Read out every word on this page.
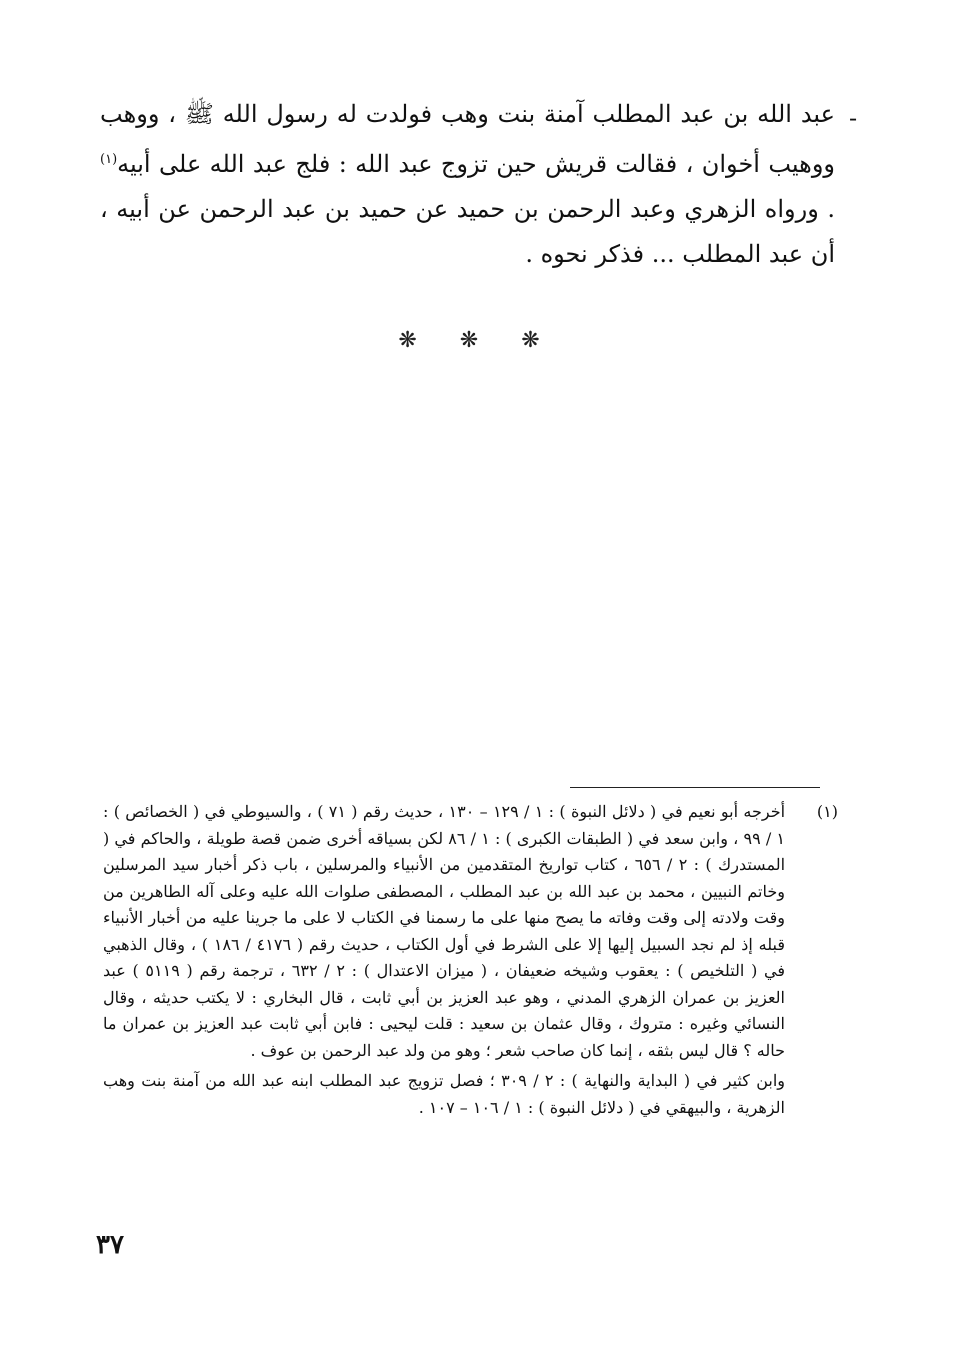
-

عبد الله بن عبد المطلب آمنة بنت وهب فولدت له رسول الله ﷺ ، ووهب ووهيب أخوان ، فقالت قريش حين تزوج عبد الله : فلج عبد الله على أبيه$^{(١)}$ . ورواه الزهري وعبد الرحمن بن حميد عن حميد بن عبد الرحمن عن أبيه ، أن عبد المطلب ... فذكر نحوه .

❋ ❋ ❋
(١)

أخرجه أبو نعيم في ( دلائل النبوة ) : ١ / ١٢٩ – ١٣٠ ، حديث رقم ( ٧١ ) ، والسيوطي في ( الخصائص ) : ١ / ٩٩ ، وابن سعد في ( الطبقات الكبرى ) : ١ / ٨٦ لكن بسياقه أخرى ضمن قصة طويلة ، والحاكم في ( المستدرك ) : ٢ / ٦٥٦ ، كتاب تواريخ المتقدمين من الأنبياء والمرسلين ، باب ذكر أخبار سيد المرسلين وخاتم النبيين ، محمد بن عبد الله بن عبد المطلب ، المصطفى صلوات الله عليه وعلى آله الطاهرين من وقت ولادته إلى وقت وفاته ما يصح منها على ما رسمنا في الكتاب لا على ما جرينا عليه من أخبار الأنبياء قبله إذ لم نجد السبيل إليها إلا على الشرط في أول الكتاب ، حديث رقم ( ٤١٧٦ / ١٨٦ ) ، وقال الذهبي في ( التلخيص ) : يعقوب وشيخه ضعيفان ، ( ميزان الاعتدال ) : ٢ / ٦٣٢ ، ترجمة رقم ( ٥١١٩ ) عبد العزيز بن عمران الزهري المدني ، وهو عبد العزيز بن أبي ثابت ، قال البخاري : لا يكتب حديثه ، وقال النسائي وغيره : متروك ، وقال عثمان بن سعيد : قلت ليحيى : فابن أبي ثابت عبد العزيز بن عمران ما حاله ؟ قال ليس بثقه ، إنما كان صاحب شعر ؛ وهو من ولد عبد الرحمن بن عوف .

وابن كثير في ( البداية والنهاية ) : ٢ / ٣٠٩ ؛ فصل تزويج عبد المطلب ابنه عبد الله من آمنة بنت وهب الزهرية ، والبيهقي في ( دلائل النبوة ) : ١ / ١٠٦ – ١٠٧ .

٣٧
